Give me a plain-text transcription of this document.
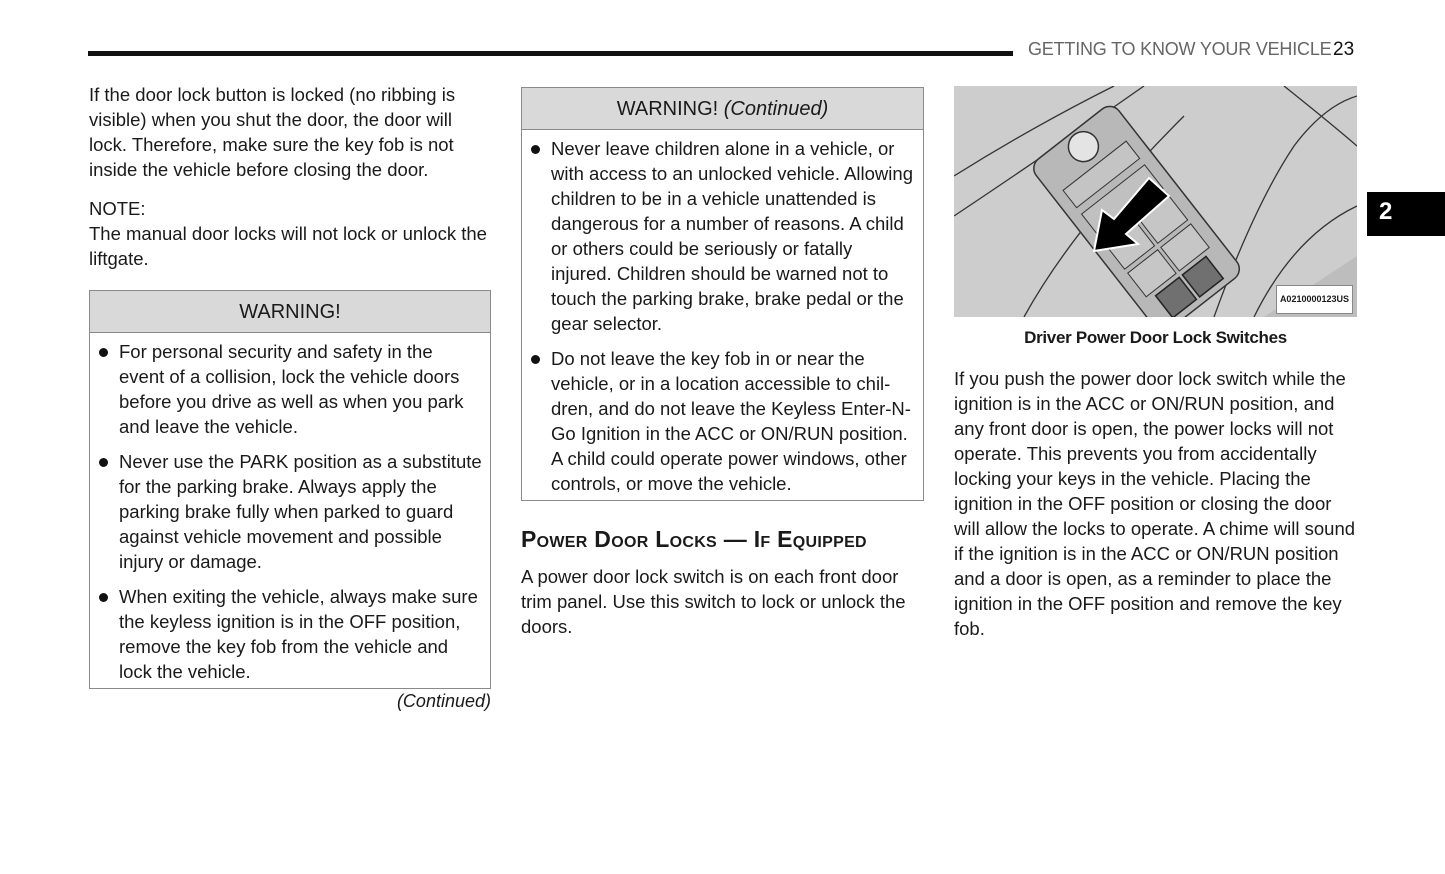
GETTING TO KNOW YOUR VEHICLE 23
2

If the door lock button is locked (no ribbing is visible) when you shut the door, the door will lock. Therefore, make sure the key fob is not inside the vehicle before closing the door.

NOTE:

The manual door locks will not lock or unlock the liftgate.

WARNING!
For personal security and safety in the event of a collision, lock the vehicle doors before you drive as well as when you park and leave the vehicle.
Never use the PARK position as a substitute for the parking brake. Always apply the parking brake fully when parked to guard against vehicle movement and possible injury or damage.
When exiting the vehicle, always make sure the keyless ignition is in the OFF position, remove the key fob from the vehicle and lock the vehicle.
(Continued)
WARNING! (Continued)
Never leave children alone in a vehicle, or with access to an unlocked vehicle. Allowing children to be in a vehicle unattended is dangerous for a number of reasons. A child or others could be seriously or fatally injured. Children should be warned not to touch the parking brake, brake pedal or the gear selector.
Do not leave the key fob in or near the vehicle, or in a location accessible to children, and do not leave the Keyless Enter-N-Go Ignition in the ACC or ON/RUN position. A child could operate power windows, other controls, or move the vehicle.
Power Door Locks — If Equipped

A power door lock switch is on each front door trim panel. Use this switch to lock or unlock the doors.

A0210000123US
Driver Power Door Lock Switches

If you push the power door lock switch while the ignition is in the ACC or ON/RUN position, and any front door is open, the power locks will not operate. This prevents you from accidentally locking your keys in the vehicle. Placing the ignition in the OFF position or closing the door will allow the locks to operate. A chime will sound if the ignition is in the ACC or ON/RUN position and a door is open, as a reminder to place the ignition in the OFF position and remove the key fob.
